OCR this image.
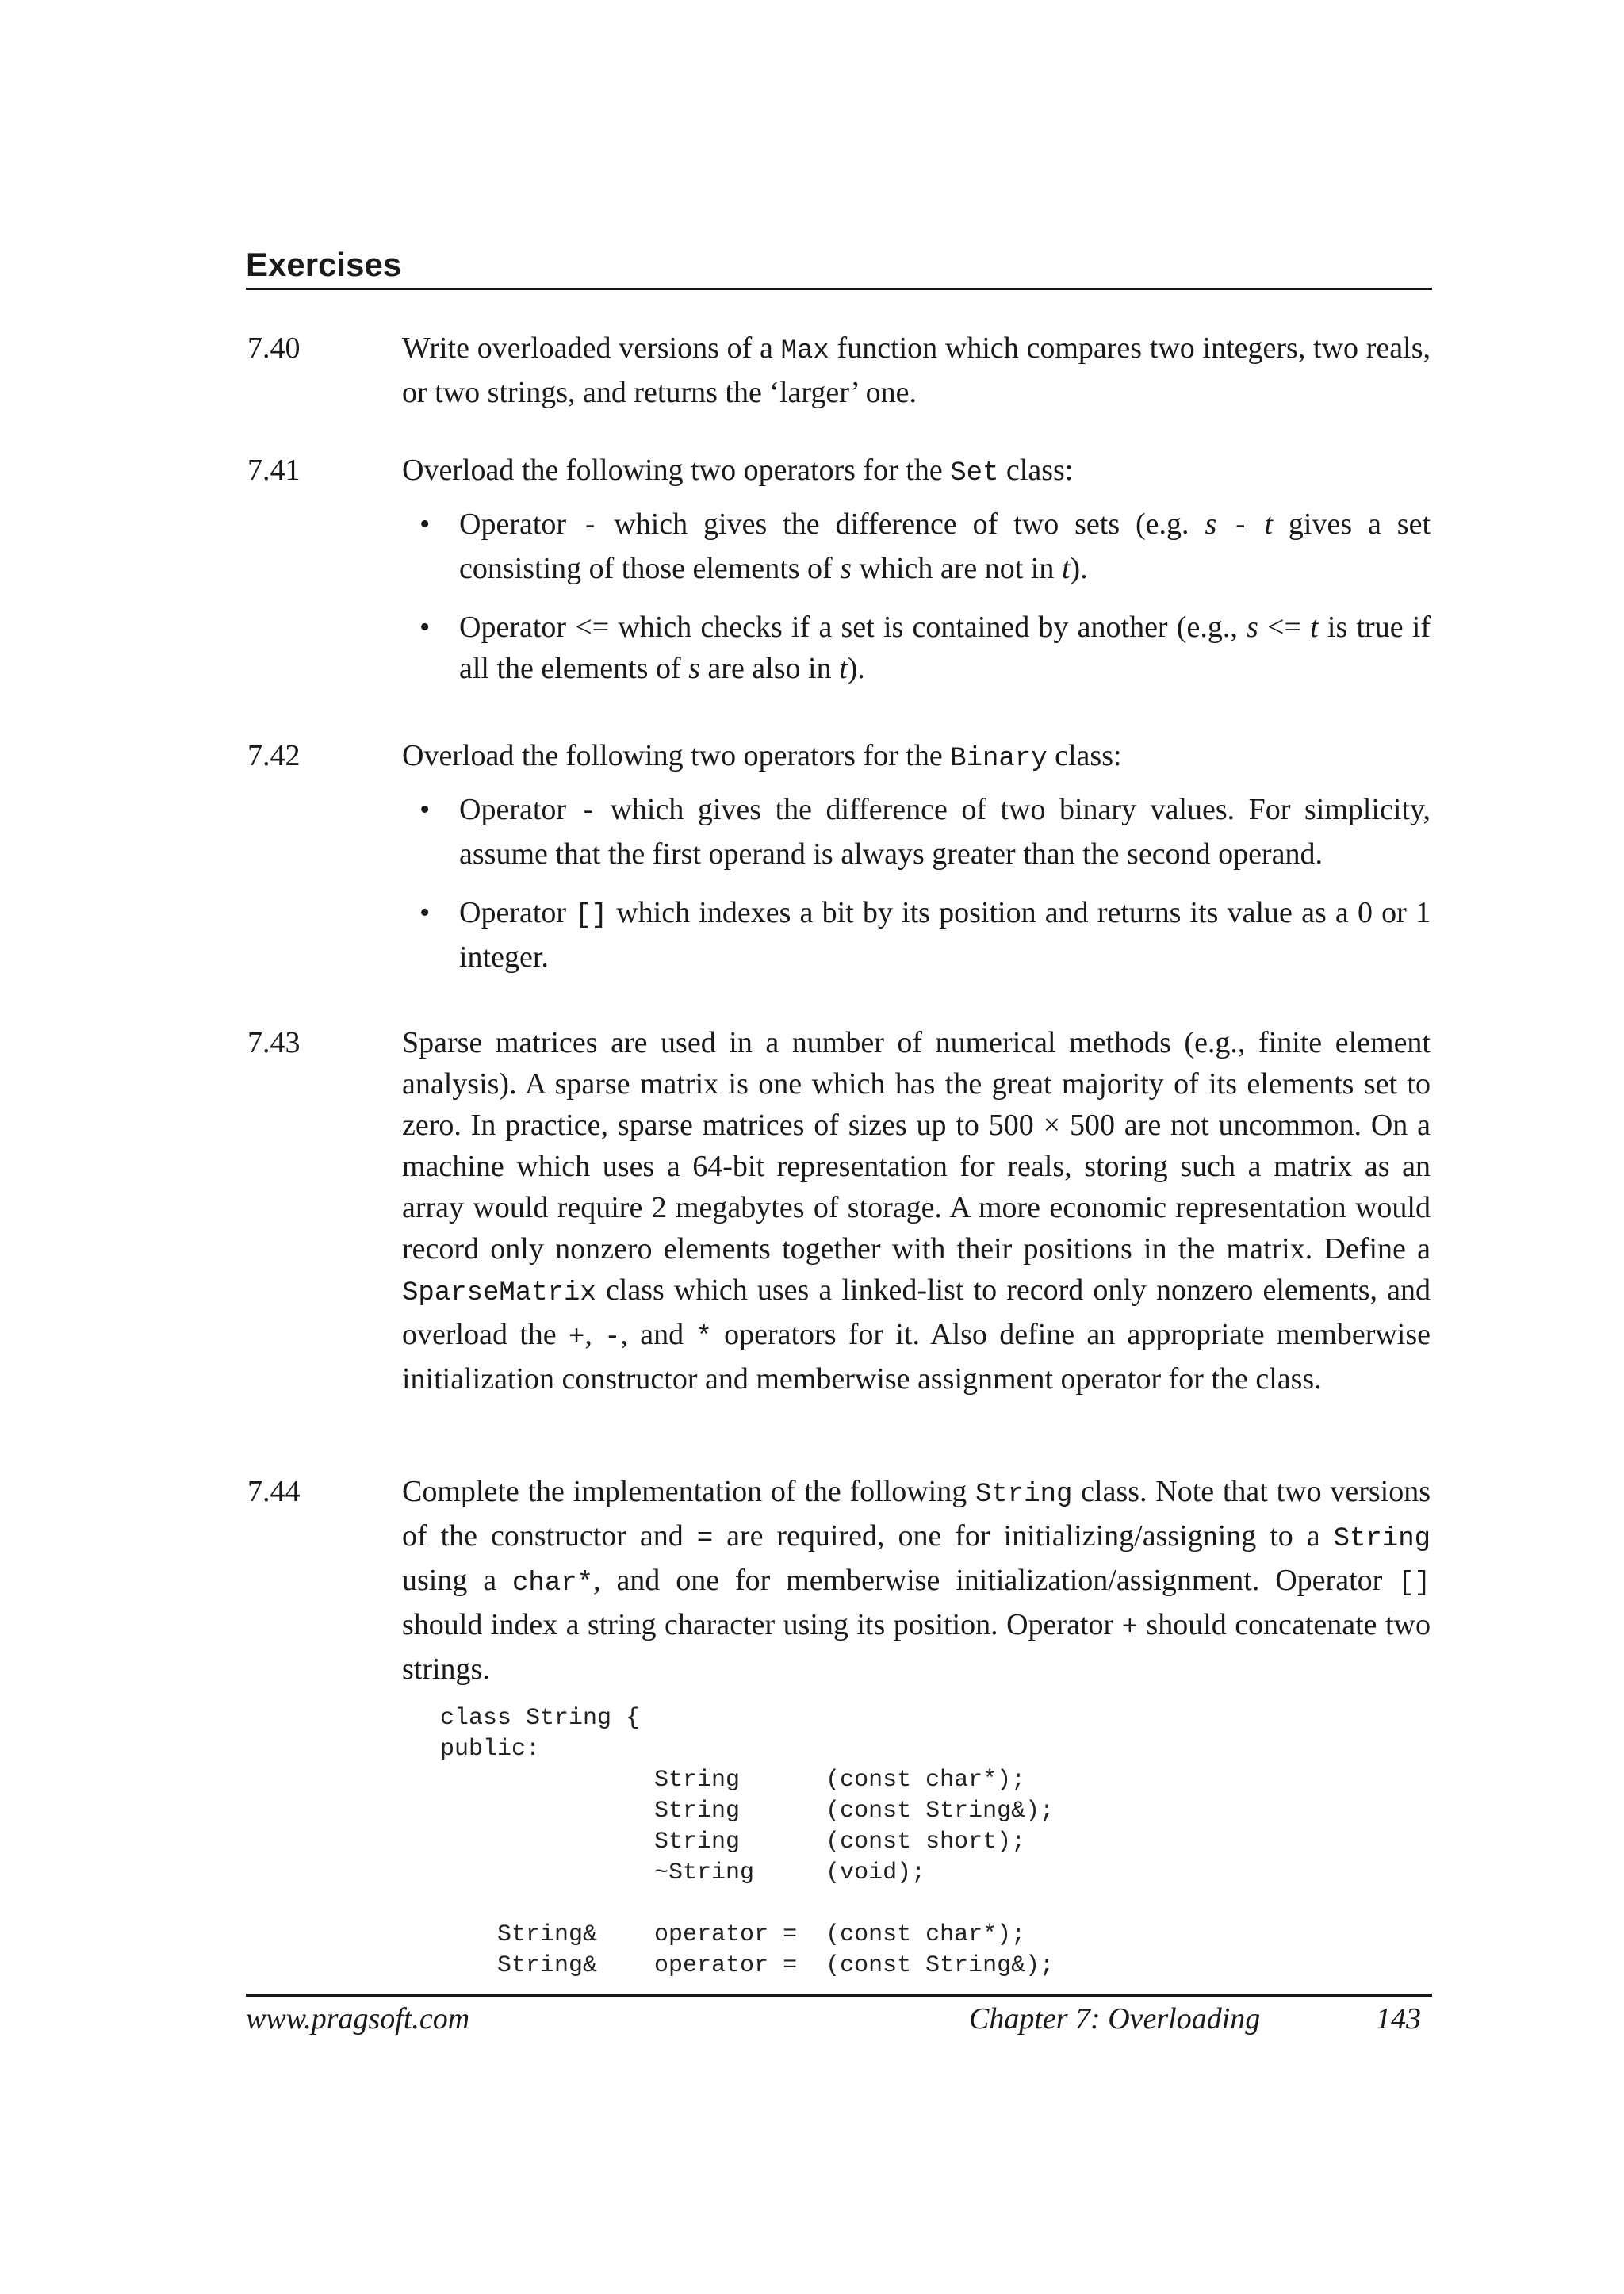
Exercises
7.40	Write overloaded versions of a Max function which compares two integers, two reals, or two strings, and returns the ‘larger’ one.

7.41	Overload the following two operators for the Set class:

• Operator - which gives the difference of two sets (e.g. s - t gives a set consisting of those elements of s which are not in t).
• Operator <= which checks if a set is contained by another (e.g., s <= t is true if all the elements of s are also in t).
7.42	Overload the following two operators for the Binary class:

• Operator - which gives the difference of two binary values. For simplicity, assume that the first operand is always greater than the second operand.
• Operator [] which indexes a bit by its position and returns its value as a 0 or 1 integer.
7.43	Sparse matrices are used in a number of numerical methods (e.g., finite element analysis). A sparse matrix is one which has the great majority of its elements set to zero. In practice, sparse matrices of sizes up to 500 × 500 are not uncommon. On a machine which uses a 64-bit representation for reals, storing such a matrix as an array would require 2 megabytes of storage. A more economic representation would record only nonzero elements together with their positions in the matrix. Define a SparseMatrix class which uses a linked-list to record only nonzero elements, and overload the +, -, and * operators for it. Also define an appropriate memberwise initialization constructor and memberwise assignment operator for the class.

7.44	Complete the implementation of the following String class. Note that two versions of the constructor and = are required, one for initializing/assigning to a String using a char*, and one for memberwise initialization/assignment. Operator [] should index a string character using its position. Operator + should concatenate two strings.

class String {
public:
String      (const char*);
String      (const String&);
String      (const short);
~String     (void);
String&    operator =  (const char*);
String&    operator =  (const String&);
www.pragsoft.com	Chapter 7: Overloading	143
